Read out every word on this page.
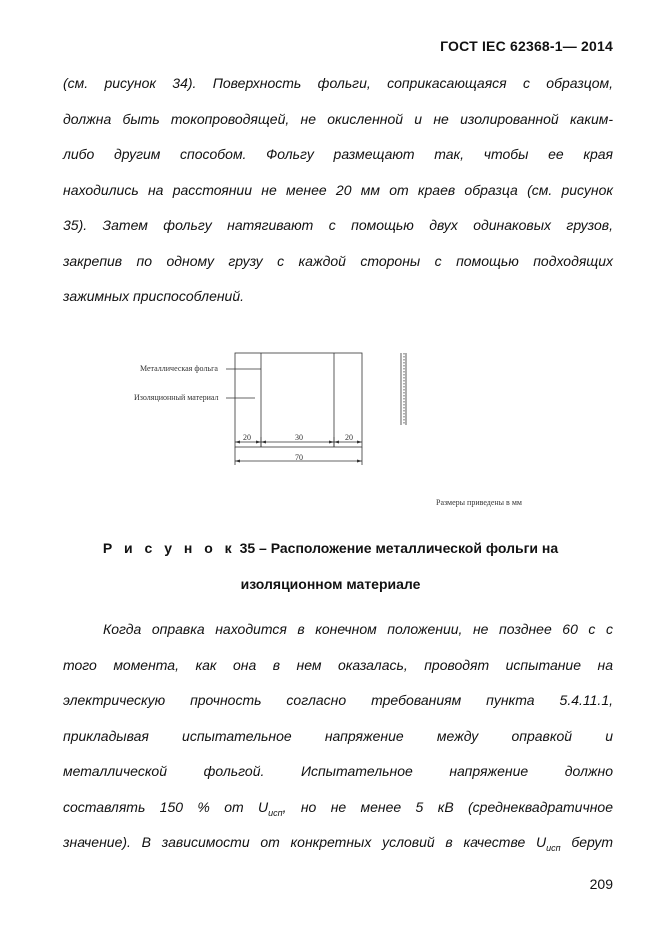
ГОСТ IEC 62368-1— 2014
(см. рисунок 34). Поверхность фольги, соприкасающаяся с образцом,
должна быть токопроводящей, не окисленной и не изолированной каким-
либо другим способом. Фольгу размещают так, чтобы ее края
находились на расстоянии не менее 20 мм от краев образца (см. рисунок
35). Затем фольгу натягивают с помощью двух одинаковых грузов,
закрепив по одному грузу с каждой стороны с помощью подходящих
зажимных приспособлений.
Металлическая фольга
Изоляционный материал
20	30	20
70
Размеры приведены в мм
Р и с у н о к 35 – Расположение металлической фольги на
изоляционном материале
Когда оправка находится в конечном положении, не позднее 60 с с
того момента, как она в нем оказалась, проводят испытание на
электрическую прочность согласно требованиям пункта 5.4.11.1,
прикладывая испытательное напряжение между оправкой и
металлической фольгой. Испытательное напряжение должно
составлять 150 % от $U_{исп}$, но не менее 5 кВ (среднеквадратичное
значение). В зависимости от конкретных условий в качестве $U_{исп}$ берут
209
